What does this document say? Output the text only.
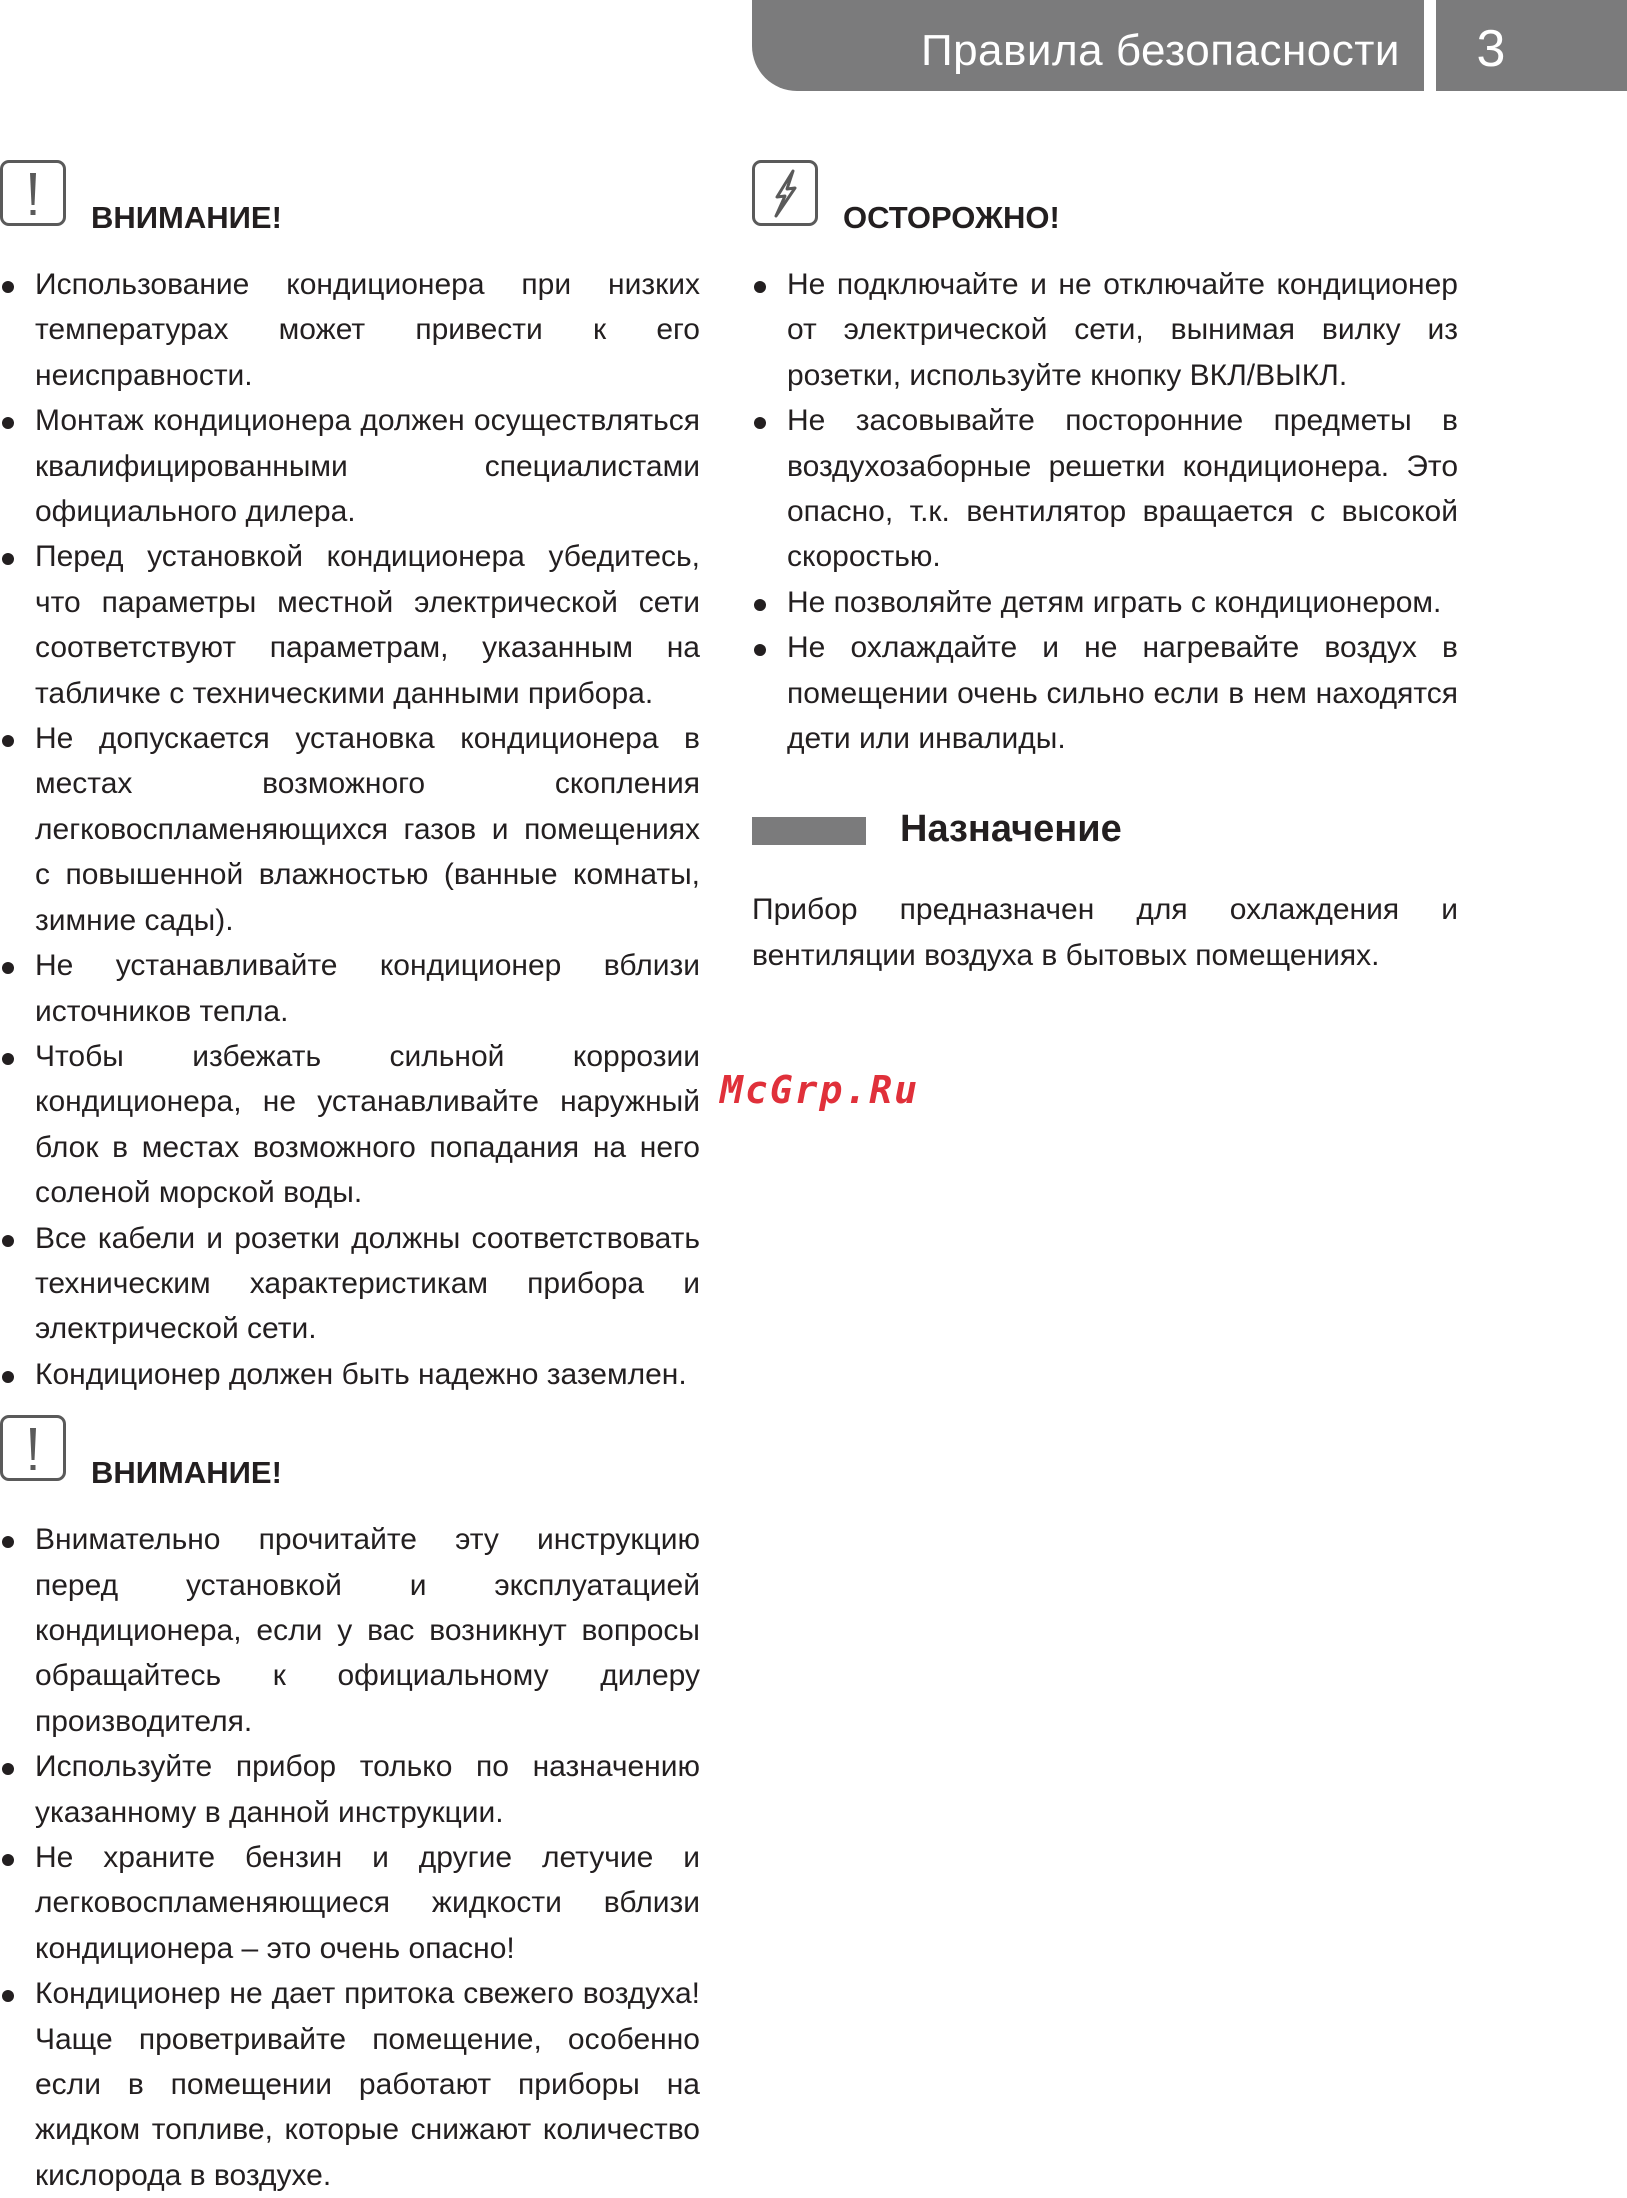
Правила безопасности	3
ВНИМАНИЕ!
Использование кондиционера при низких температурах может привести к его неисправности.
Монтаж кондиционера должен осуществляться квалифицированными специалистами официального дилера.
Перед установкой кондиционера убедитесь, что параметры местной электрической сети соответствуют параметрам, указанным на табличке с техническими данными прибора.
Не допускается установка кондиционера в местах возможного скопления легковоспламеняющихся газов и помещениях с повышенной влажностью (ванные комнаты, зимние сады).
Не устанавливайте кондиционер вблизи источников тепла.
Чтобы избежать сильной коррозии кондиционера, не устанавливайте наружный блок в местах возможного попадания на него соленой морской воды.
Все кабели и розетки должны соответствовать техническим характеристикам прибора и электрической сети.
Кондиционер должен быть надежно заземлен.
ВНИМАНИЕ!
Внимательно прочитайте эту инструкцию перед установкой и эксплуатацией кондиционера, если у вас возникнут вопросы обращайтесь к официальному дилеру производителя.
Используйте прибор только по назначению указанному в данной инструкции.
Не храните бензин и другие летучие и легковоспламеняющиеся жидкости вблизи кондиционера – это очень опасно!
Кондиционер не дает притока свежего воздуха! Чаще проветривайте помещение, особенно если в помещении работают приборы на жидком топливе, которые снижают количество кислорода в воздухе.
ОСТОРОЖНО!
Не подключайте и не отключайте кондиционер от электрической сети, вынимая вилку из розетки, используйте кнопку ВКЛ/ВЫКЛ.
Не засовывайте посторонние предметы в воздухозаборные решетки кондиционера. Это опасно, т.к. вентилятор вращается с высокой скоростью.
Не позволяйте детям играть с кондиционером.
Не охлаждайте и не нагревайте воздух в помещении очень сильно если в нем находятся дети или инвалиды.
Назначение
Прибор предназначен для охлаждения и вентиляции воздуха в бытовых помещениях.
McGrp.Ru
